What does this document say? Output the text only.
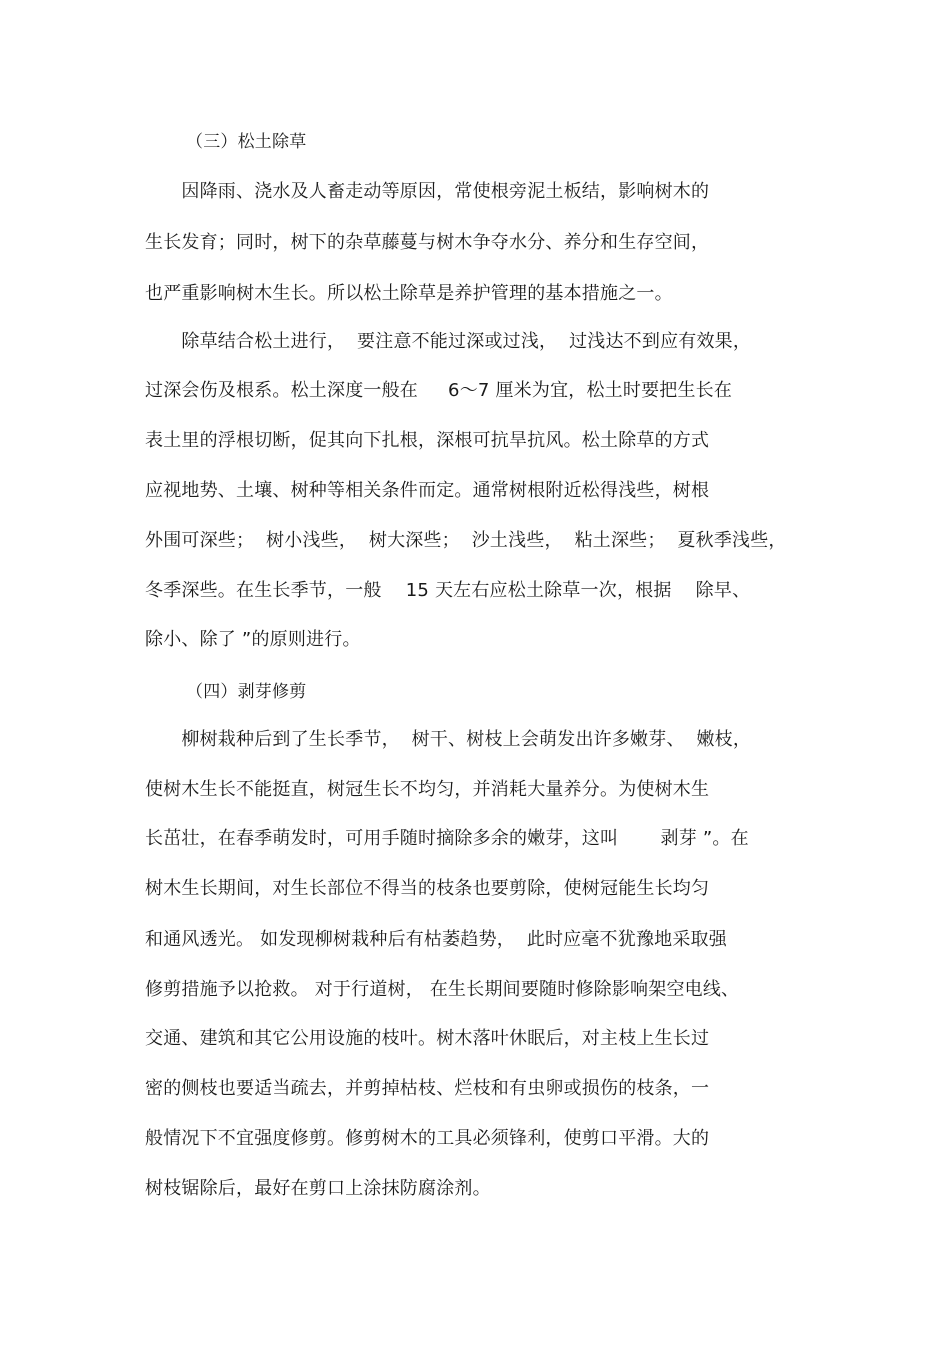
（三）松土除草
　　因降雨、浇水及人畜走动等原因，常使根旁泥土板结，影响树木的
生长发育；同时，树下的杂草藤蔓与树木争夺水分、养分和生存空间，
也严重影响树木生长。所以松土除草是养护管理的基本措施之一。
　　除草结合松土进行，  要注意不能过深或过浅，  过浅达不到应有效果，
过深会伤及根系。松土深度一般在　  6～7 厘米为宜，松土时要把生长在
表土里的浮根切断，促其向下扎根，深根可抗旱抗风。松土除草的方式
应视地势、土壤、树种等相关条件而定。通常树根附近松得浅些，树根
外围可深些；  树小浅些，  树大深些；  沙土浅些，  粘土深些；  夏秋季浅些，
冬季深些。在生长季节，一般　 15 天左右应松土除草一次，根据　 除早、
除小、除了 ”的原则进行。
（四）剥芽修剪
　　柳树栽种后到了生长季节，  树干、树枝上会萌发出许多嫩芽、  嫩枝，
使树木生长不能挺直，树冠生长不均匀，并消耗大量养分。为使树木生
长茁壮，在春季萌发时，可用手随时摘除多余的嫩芽，这叫　　 剥芽 ”。在
树木生长期间，对生长部位不得当的枝条也要剪除，使树冠能生长均匀
和通风透光。 如发现柳树栽种后有枯萎趋势，  此时应毫不犹豫地采取强
修剪措施予以抢救。 对于行道树， 在生长期间要随时修除影响架空电线、
交通、建筑和其它公用设施的枝叶。树木落叶休眠后，对主枝上生长过
密的侧枝也要适当疏去，并剪掉枯枝、烂枝和有虫卵或损伤的枝条，一
般情况下不宜强度修剪。修剪树木的工具必须锋利，使剪口平滑。大的
树枝锯除后，最好在剪口上涂抹防腐涂剂。
